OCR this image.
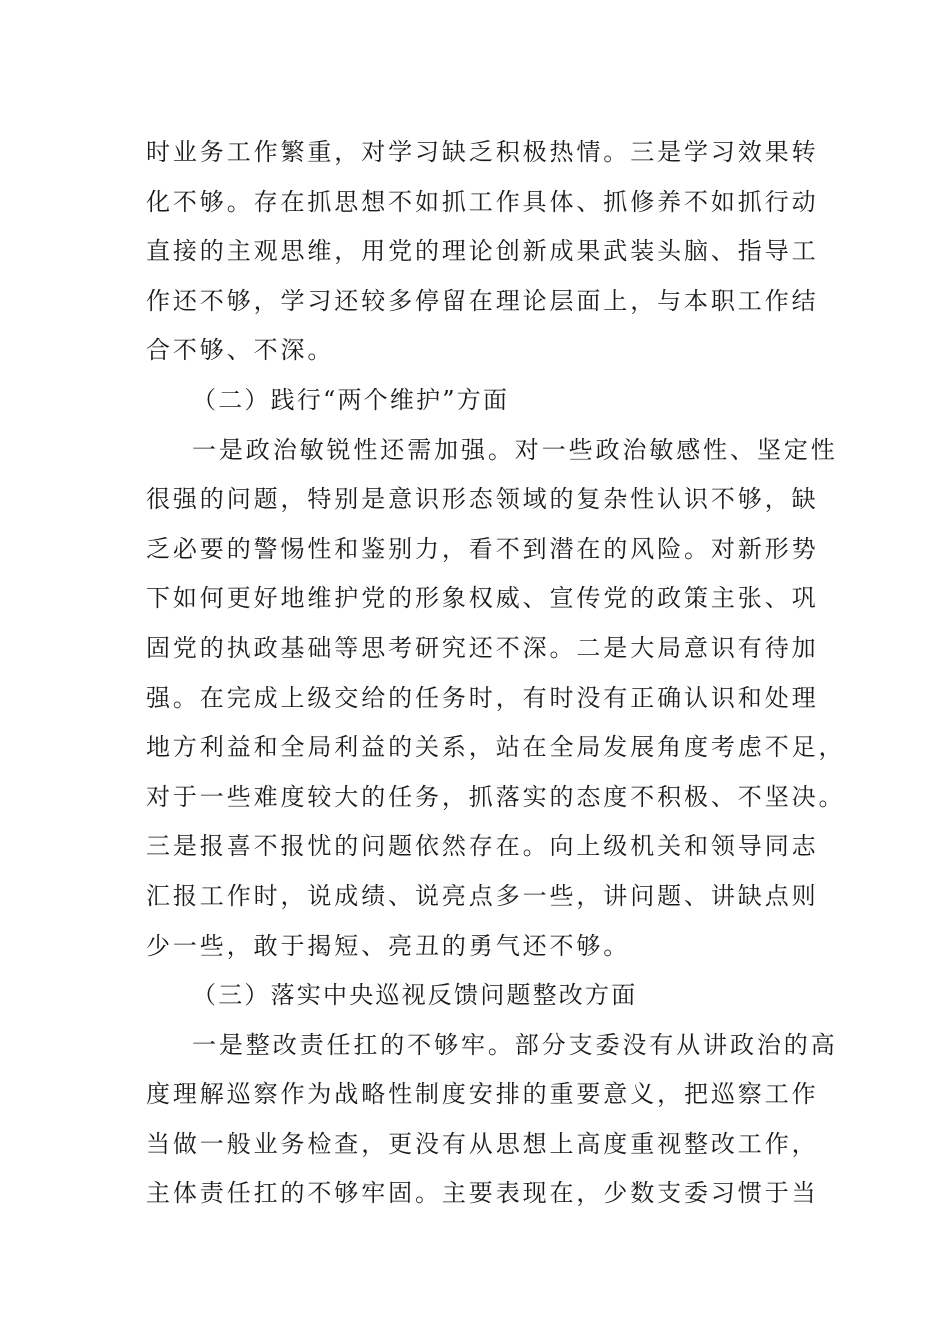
时业务工作繁重，对学习缺乏积极热情。三是学习效果转
化不够。存在抓思想不如抓工作具体、抓修养不如抓行动
直接的主观思维，用党的理论创新成果武装头脑、指导工
作还不够，学习还较多停留在理论层面上，与本职工作结
合不够、不深。
（二）践行“两个维护”方面
一是政治敏锐性还需加强。对一些政治敏感性、坚定性
很强的问题，特别是意识形态领域的复杂性认识不够，缺
乏必要的警惕性和鉴别力，看不到潜在的风险。对新形势
下如何更好地维护党的形象权威、宣传党的政策主张、巩
固党的执政基础等思考研究还不深。二是大局意识有待加
强。在完成上级交给的任务时，有时没有正确认识和处理
地方利益和全局利益的关系，站在全局发展角度考虑不足，
对于一些难度较大的任务，抓落实的态度不积极、不坚决。
三是报喜不报忧的问题依然存在。向上级机关和领导同志
汇报工作时，说成绩、说亮点多一些，讲问题、讲缺点则
少一些，敢于揭短、亮丑的勇气还不够。
（三）落实中央巡视反馈问题整改方面
一是整改责任扛的不够牢。部分支委没有从讲政治的高
度理解巡察作为战略性制度安排的重要意义，把巡察工作
当做一般业务检查，更没有从思想上高度重视整改工作，
主体责任扛的不够牢固。主要表现在，少数支委习惯于当
